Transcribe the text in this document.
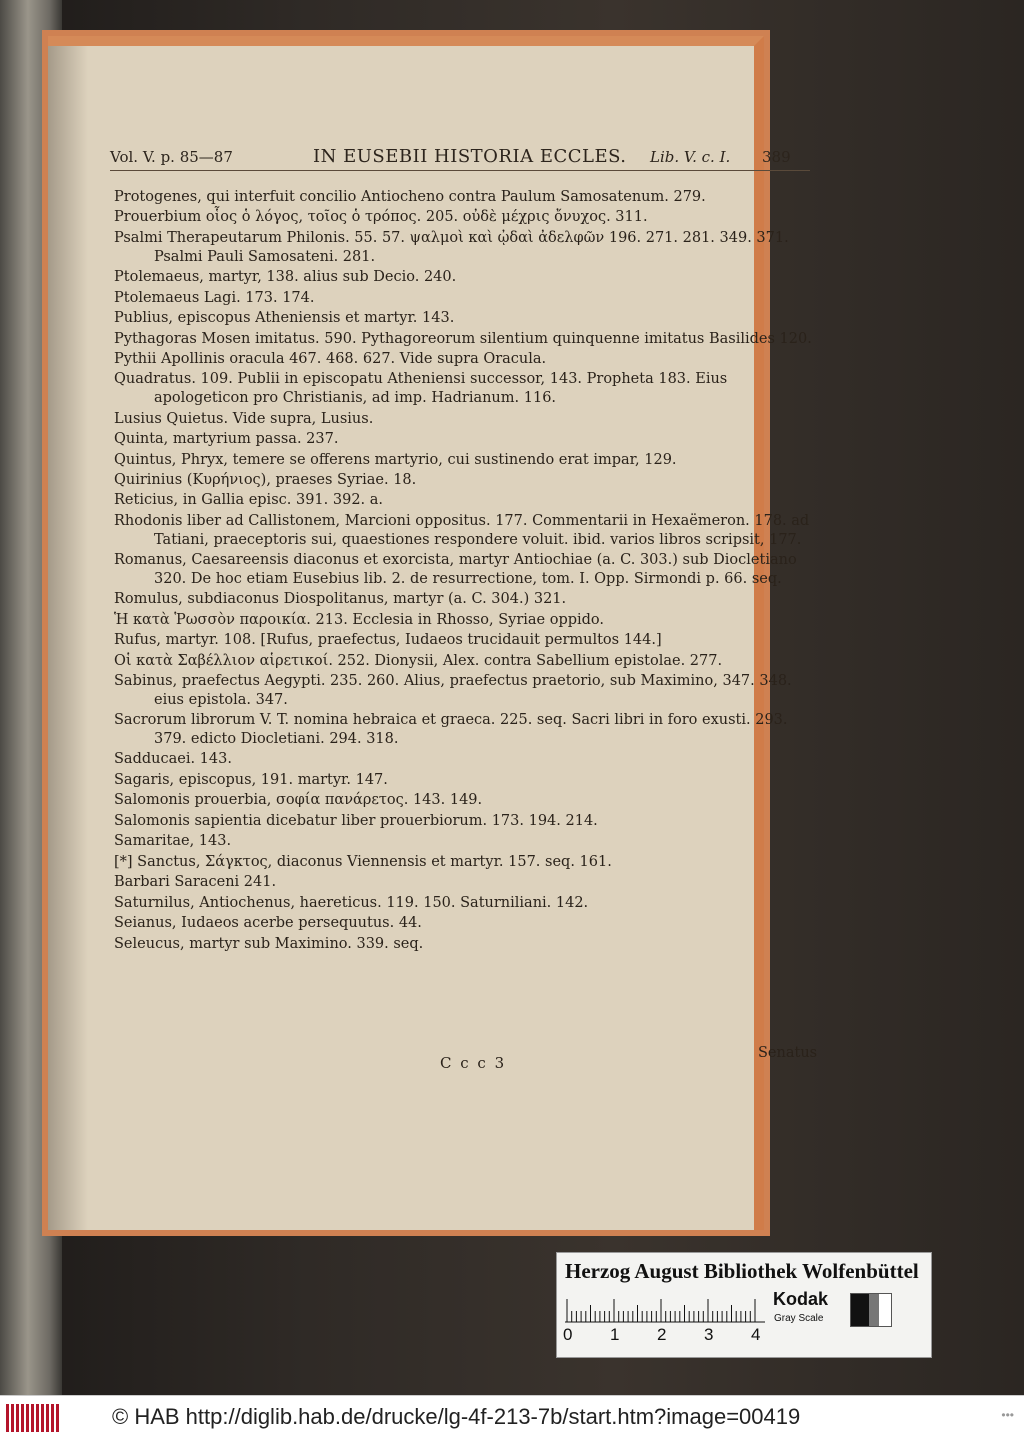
Vol. V. p. 85—87	IN EUSEBII HISTORIA ECCLES. Lib. V. c. I. 389
Protogenes, qui interfuit concilio Antiocheno contra Paulum Samosatenum. 279.
Prouerbium οἷος ὁ λόγος, τοῖος ὁ τρόπος. 205. οὐδὲ μέχρις ὄνυχος. 311.
Psalmi Therapeutarum Philonis. 55. 57. ψαλμοὶ καὶ ᾠδαὶ ἀδελφῶν 196. 271. 281. 349. 371. Psalmi Pauli Samosateni. 281.
Ptolemaeus, martyr, 138. alius sub Decio. 240.
Ptolemaeus Lagi. 173. 174.
Publius, episcopus Atheniensis et martyr. 143.
Pythagoras Mosen imitatus. 590. Pythagoreorum silentium quinquenne imitatus Basilides 120.
Pythii Apollinis oracula 467. 468. 627. Vide supra Oracula.
Quadratus. 109. Publii in episcopatu Atheniensi successor, 143. Propheta 183. Eius apologeticon pro Christianis, ad imp. Hadrianum. 116.
Lusius Quietus. Vide supra, Lusius.
Quinta, martyrium passa. 237.
Quintus, Phryx, temere se offerens martyrio, cui sustinendo erat impar, 129.
Quirinius (Κυρήνιος), praeses Syriae. 18.
Reticius, in Gallia episc. 391. 392. a.
Rhodonis liber ad Callistonem, Marcioni oppositus. 177. Commentarii in Hexaëmeron. 178. ad Tatiani, praeceptoris sui, quaestiones respondere voluit. ibid. varios libros scripsit, 177.
Romanus, Caesareensis diaconus et exorcista, martyr Antiochiae (a. C. 303.) sub Diocletiano 320. De hoc etiam Eusebius lib. 2. de resurrectione, tom. I. Opp. Sirmondi p. 66. seq.
Romulus, subdiaconus Diospolitanus, martyr (a. C. 304.) 321.
Ἡ κατὰ Ῥωσσὸν παροικία. 213. Ecclesia in Rhosso, Syriae oppido.
Rufus, martyr. 108. [Rufus, praefectus, Iudaeos trucidauit permultos 144.]
Οἱ κατὰ Σαβέλλιον αἱρετικοί. 252. Dionysii, Alex. contra Sabellium epistolae. 277.
Sabinus, praefectus Aegypti. 235. 260. Alius, praefectus praetorio, sub Maximino, 347. 348. eius epistola. 347.
Sacrorum librorum V. T. nomina hebraica et graeca. 225. seq. Sacri libri in foro exusti. 293. 379. edicto Diocletiani. 294. 318.
Sadducaei. 143.
Sagaris, episcopus, 191. martyr. 147.
Salomonis prouerbia, σοφία πανάρετος. 143. 149.
Salomonis sapientia dicebatur liber prouerbiorum. 173. 194. 214.
Samaritae, 143.
[*] Sanctus, Σάγκτος, diaconus Viennensis et martyr. 157. seq. 161.
Barbari Saraceni 241.
Saturnilus, Antiochenus, haereticus. 119. 150. Saturniliani. 142.
Seianus, Iudaeos acerbe persequutus. 44.
Seleucus, martyr sub Maximino. 339. seq.
C c c 3
Senatus
Herzog August Bibliothek Wolfenbüttel
0 1 2 3 4
Kodak
Gray Scale
© HAB http://diglib.hab.de/drucke/lg-4f-213-7b/start.htm?image=00419	•••
